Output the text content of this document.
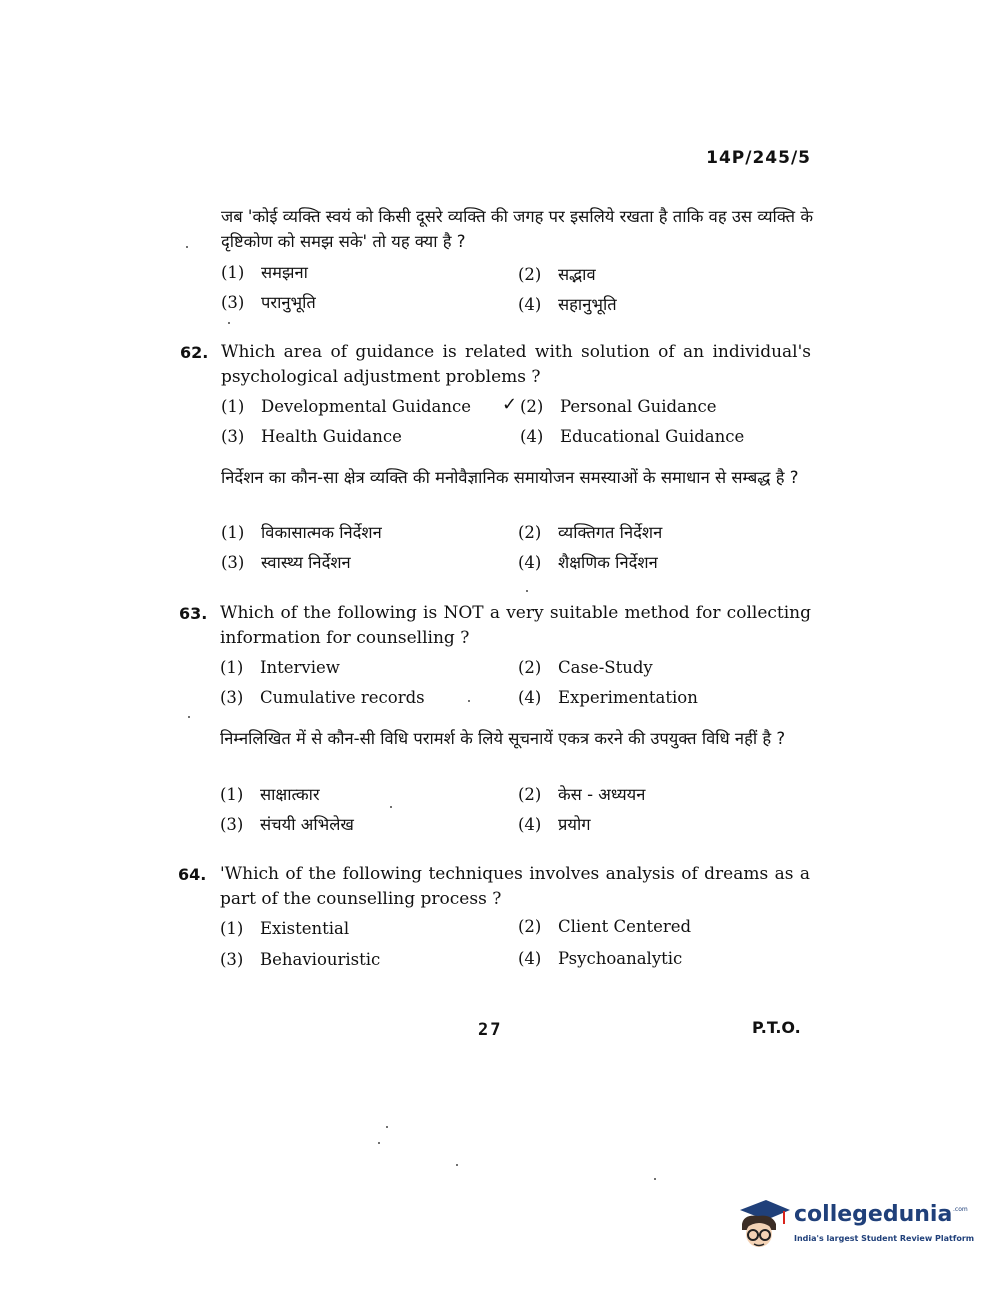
14P/245/5
जब 'कोई व्यक्ति स्वयं को किसी दूसरे व्यक्ति की जगह पर इसलिये रखता है ताकि वह उस व्यक्ति के दृष्टिकोण को समझ सके' तो यह क्या है ?
(1) समझना	(2) सद्भाव
(3) परानुभूति	(4) सहानुभूति
62. Which area of guidance is related with solution of an individual's psychological adjustment problems ?
(1) Developmental Guidance ✓ (2) Personal Guidance
(3) Health Guidance	(4) Educational Guidance
निर्देशन का कौन-सा क्षेत्र व्यक्ति की मनोवैज्ञानिक समायोजन समस्याओं के समाधान से सम्बद्ध है ?
(1) विकासात्मक निर्देशन	(2) व्यक्तिगत निर्देशन
(3) स्वास्थ्य निर्देशन	(4) शैक्षणिक निर्देशन
63. Which of the following is NOT a very suitable method for collecting information for counselling ?
(1) Interview	(2) Case-Study
(3) Cumulative records	(4) Experimentation
निम्नलिखित में से कौन-सी विधि परामर्श के लिये सूचनायें एकत्र करने की उपयुक्त विधि नहीं है ?
(1) साक्षात्कार	(2) केस - अध्ययन
(3) संचयी अभिलेख	(4) प्रयोग
64. 'Which of the following techniques involves analysis of dreams as a part of the counselling process ?
(1) Existential	(2) Client Centered
(3) Behaviouristic	(4) Psychoanalytic
27	P.T.O.
collegedunia .com
India's largest Student Review Platform
